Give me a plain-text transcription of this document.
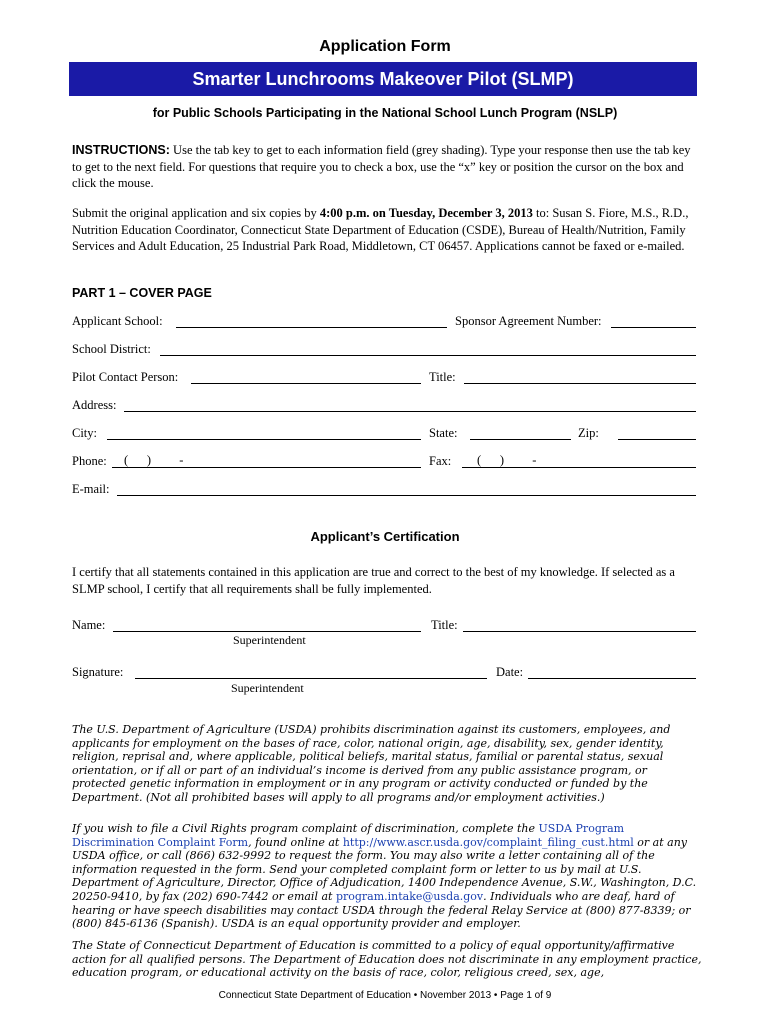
Application Form
Smarter Lunchrooms Makeover Pilot (SLMP)
for Public Schools Participating in the National School Lunch Program (NSLP)
INSTRUCTIONS: Use the tab key to get to each information field (grey shading). Type your response then use the tab key to get to the next field. For questions that require you to check a box, use the “x” key or position the cursor on the box and click the mouse.
Submit the original application and six copies by 4:00 p.m. on Tuesday, December 3, 2013 to: Susan S. Fiore, M.S., R.D., Nutrition Education Coordinator, Connecticut State Department of Education (CSDE), Bureau of Health/Nutrition, Family Services and Adult Education, 25 Industrial Park Road, Middletown, CT 06457. Applications cannot be faxed or e-mailed.
PART 1 – COVER PAGE
Applicant School:	Sponsor Agreement Number:
School District:
Pilot Contact Person:	Title:
Address:
City:	State:	Zip:
Phone: (      )         -	Fax: (      )         -
E-mail:
Applicant’s Certification
I certify that all statements contained in this application are true and correct to the best of my knowledge. If selected as a SLMP school, I certify that all requirements shall be fully implemented.
Name:	Title:
Superintendent
Signature:	Date:
Superintendent
The U.S. Department of Agriculture (USDA) prohibits discrimination against its customers, employees, and applicants for employment on the bases of race, color, national origin, age, disability, sex, gender identity, religion, reprisal and, where applicable, political beliefs, marital status, familial or parental status, sexual orientation, or if all or part of an individual’s income is derived from any public assistance program, or protected genetic information in employment or in any program or activity conducted or funded by the Department. (Not all prohibited bases will apply to all programs and/or employment activities.)
If you wish to file a Civil Rights program complaint of discrimination, complete the USDA Program Discrimination Complaint Form, found online at http://www.ascr.usda.gov/complaint_filing_cust.html or at any USDA office, or call (866) 632-9992 to request the form. You may also write a letter containing all of the information requested in the form. Send your completed complaint form or letter to us by mail at U.S. Department of Agriculture, Director, Office of Adjudication, 1400 Independence Avenue, S.W., Washington, D.C. 20250-9410, by fax (202) 690-7442 or email at program.intake@usda.gov. Individuals who are deaf, hard of hearing or have speech disabilities may contact USDA through the federal Relay Service at (800) 877-8339; or (800) 845-6136 (Spanish). USDA is an equal opportunity provider and employer.
The State of Connecticut Department of Education is committed to a policy of equal opportunity/affirmative action for all qualified persons. The Department of Education does not discriminate in any employment practice, education program, or educational activity on the basis of race, color, religious creed, sex, age,
Connecticut State Department of Education • November 2013 • Page 1 of 9
